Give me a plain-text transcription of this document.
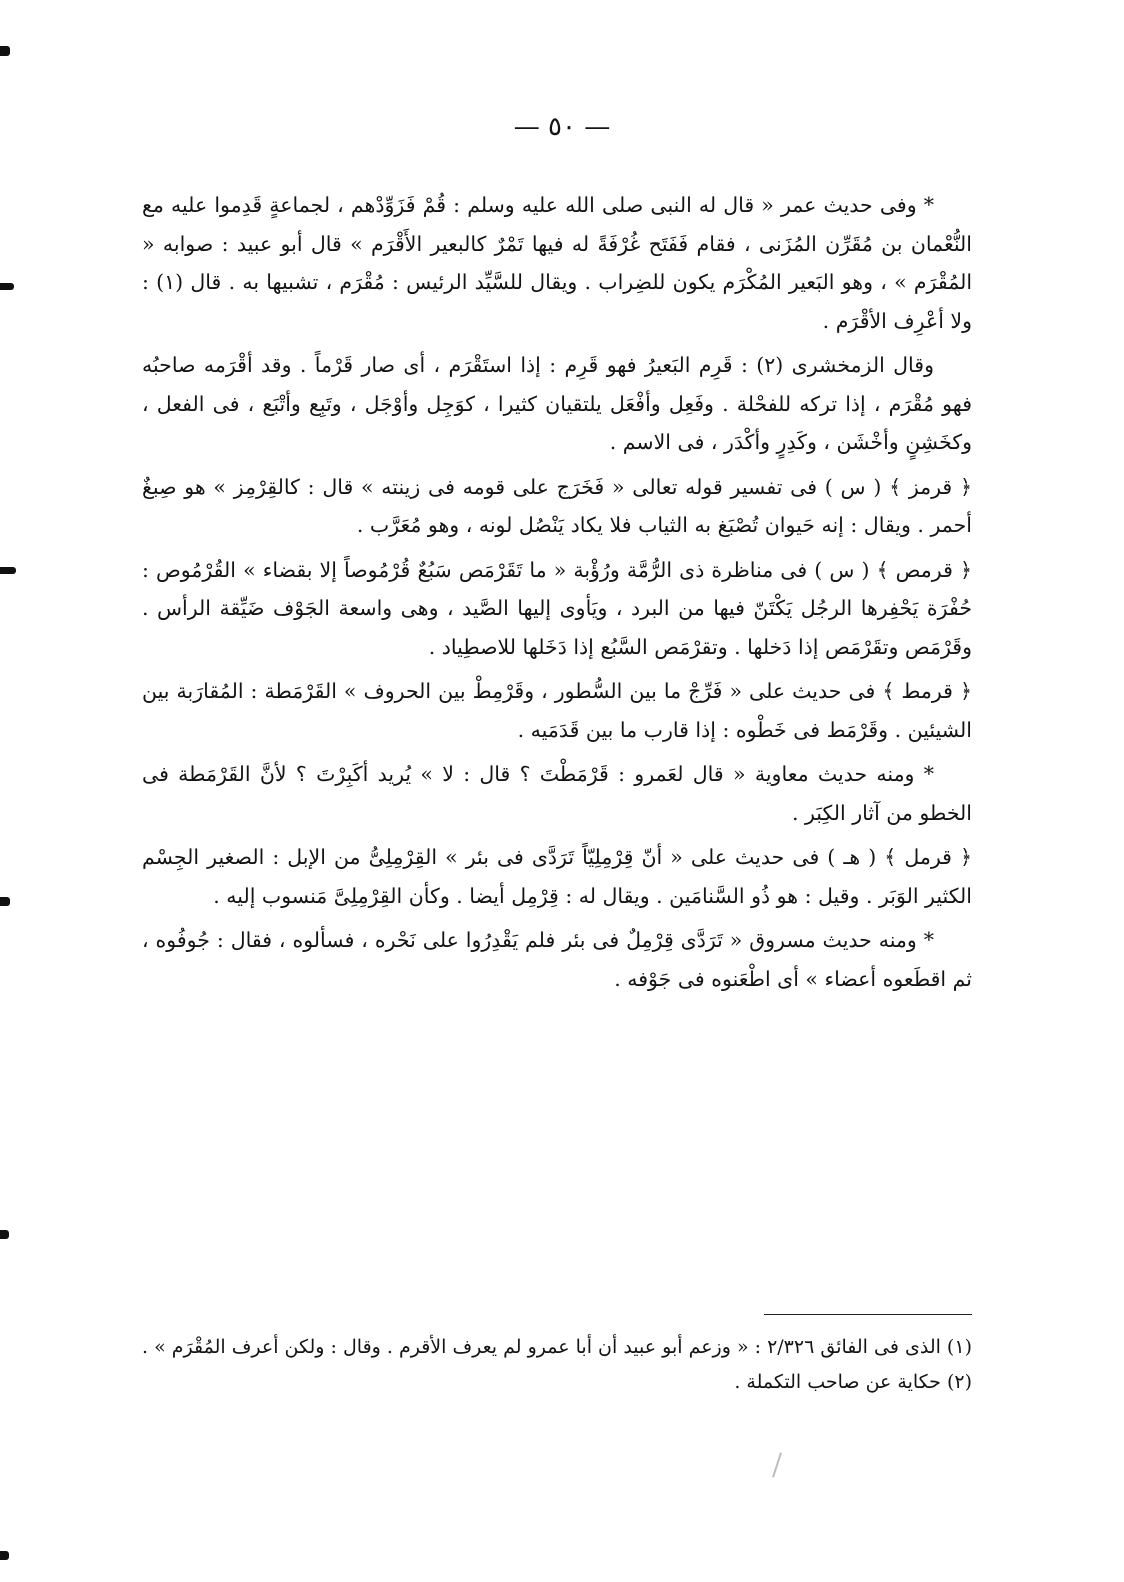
— ٥٠ —

* وفى حديث عمر « قال له النبى صلى الله عليه وسلم : قُمْ فَزَوِّدْهم ، لجماعةٍ قَدِموا عليه مع النُّعْمان بن مُقَرِّن المُزَنى ، فقام فَفَتَح غُرْفَةً له فيها تَمْرٌ كالبعير الأَقْرَم » قال أبو عبيد : صوابه « المُقْرَم » ، وهو البَعير المُكْرَم يكون للضِراب . ويقال للسَّيِّد الرئيس : مُقْرَم ، تشبيها به . قال (١) : ولا أعْرِف الأقْرَم .

وقال الزمخشرى (٢) : قَرِم البَعيرُ فهو قَرِم : إذا استَقْرَم ، أى صار قَرْماً . وقد أقْرَمه صاحبُه فهو مُقْرَم ، إذا تركه للفحْلة . وفَعِل وأفْعَل يلتقيان كثيرا ، كوَجِل وأوْجَل ، وتَبِع وأتْبَع ، فى الفعل ، وكخَشِنٍ وأخْشَن ، وكَدِرٍ وأكْدَر ، فى الاسم .

﴿ قرمز ﴾ ( س ) فى تفسير قوله تعالى « فَخَرَج على قومه فى زينته » قال : كالقِرْمِز » هو صِبغٌ أحمر . ويقال : إنه حَيوان تُصْبَغ به الثياب فلا يكاد يَنْصُل لونه ، وهو مُعَرَّب .

﴿ قرمص ﴾ ( س ) فى مناظرة ذى الرُّمَّة ورُؤْبة « ما تَقَرْمَص سَبُعٌ قُرْمُوصاً إلا بقضاء » القُرْمُوص : حُفْرَة يَحْفِرها الرجُل يَكْتَنّ فيها من البرد ، ويَأوى إليها الصَّيد ، وهى واسعة الجَوْف ضَيِّقة الرأس . وقَرْمَص وتقَرْمَص إذا دَخلها . وتقرْمَص السَّبُع إذا دَخَلها للاصطِياد .

﴿ قرمط ﴾ فى حديث على « فَرِّجْ ما بين السُّطور ، وقَرْمِطْ بين الحروف » القَرْمَطة : المُقارَبة بين الشيئين . وقَرْمَط فى خَطْوه : إذا قارب ما بين قَدَمَيه .

* ومنه حديث معاوية « قال لعَمرو : قَرْمَطْتَ ؟ قال : لا » يُريد أكَبِرْتَ ؟ لأنَّ القَرْمَطة فى الخطو من آثار الكِبَر .

﴿ قرمل ﴾ ( هـ ) فى حديث على « أنّ قِرْمِلِيّاً تَرَدَّى فى بئر » القِرْمِلِىُّ من الإبل : الصغير الجِسْم الكثير الوَبَر . وقيل : هو ذُو السَّنامَين . ويقال له : قِرْمِل أيضا . وكأن القِرْمِلِىَّ مَنسوب إليه .

* ومنه حديث مسروق « تَرَدَّى قِرْمِلٌ فى بئر فلم يَقْدِرُوا على نَحْره ، فسألوه ، فقال : جُوفُوه ، ثم اقطَعوه أعضاء » أى اطْعَنوه فى جَوْفه .

(١) الذى فى الفائق ٢/٣٢٦ : « وزعم أبو عبيد أن أبا عمرو لم يعرف الأقرم . وقال : ولكن أعرف المُقْرَم » . (٢) حكاية عن صاحب التكملة .
